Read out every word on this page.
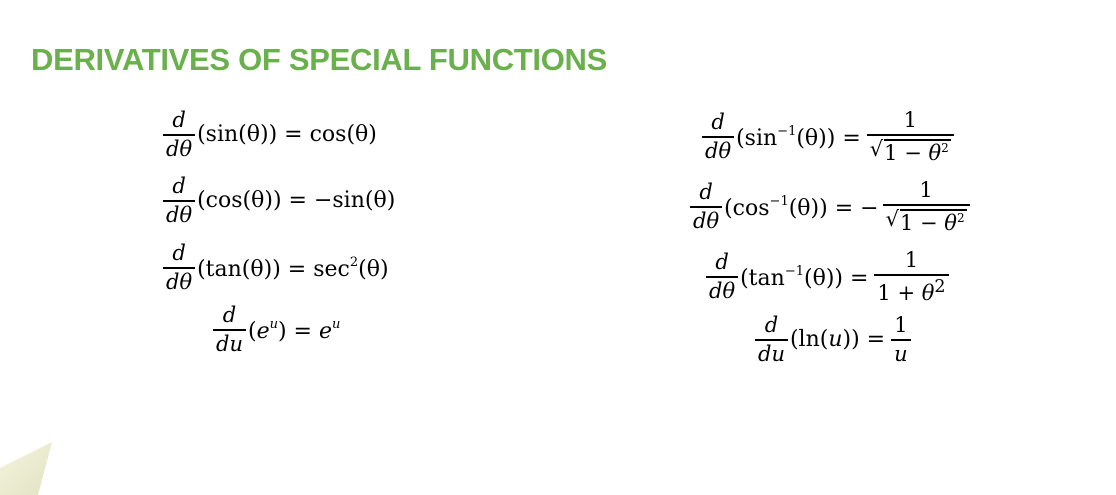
DERIVATIVES OF SPECIAL FUNCTIONS
$\frac{d}{d\theta} (\sin(\theta)) = \cos(\theta)$
$\frac{d}{d\theta} (\cos(\theta)) = -\sin(\theta)$
$\frac{d}{d\theta} (\tan(\theta)) = \sec^2(\theta)$
$\frac{d}{du} (e^u) = e^u$
$\frac{d}{d\theta} (\sin^{-1}(\theta)) = \frac{1}{√ 1 - \theta^2}$
$\frac{d}{d\theta} (\cos^{-1}(\theta))$ = − $\frac{1}{√ 1 - \theta^2}$
$\frac{d}{d\theta} (\tan^{-1}(\theta)) = \frac{1}{1 + \theta^2}$
$\frac{d}{du} (\ln(u)) = \frac{1}{u}$
